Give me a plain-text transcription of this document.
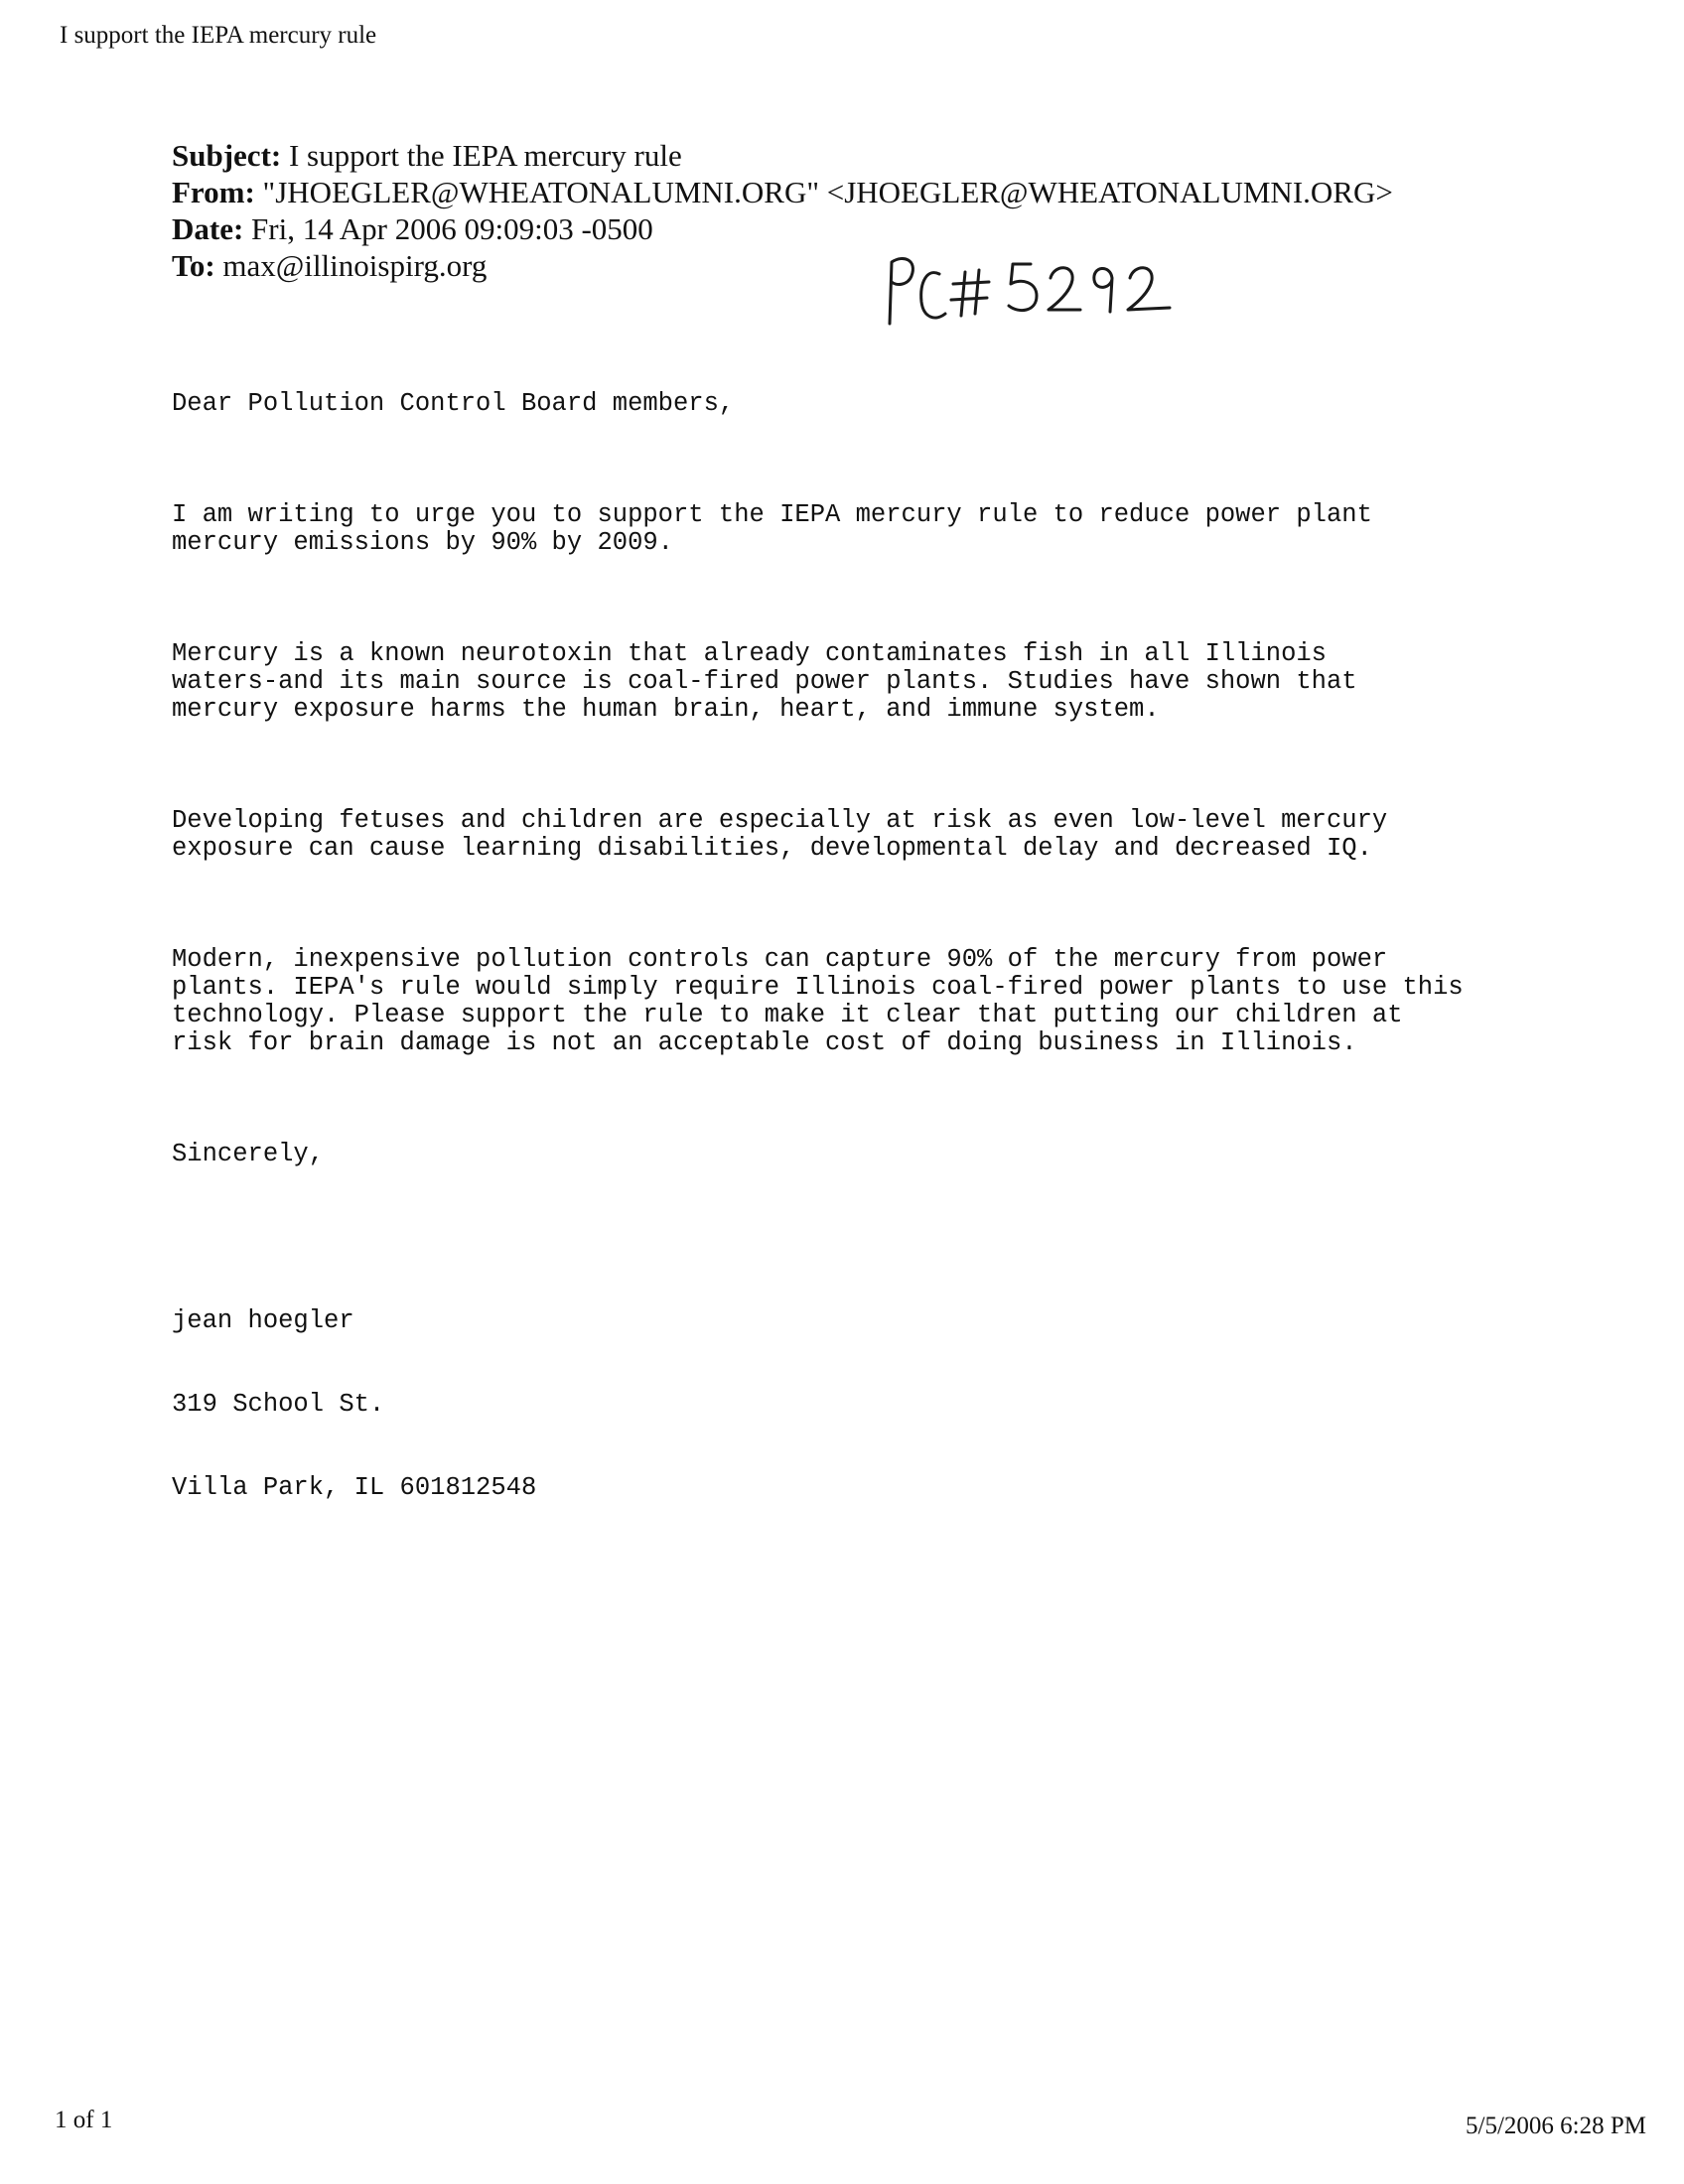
I support the IEPA mercury rule
Subject: I support the IEPA mercury rule
From: "JHOEGLER@WHEATONALUMNI.ORG" <JHOEGLER@WHEATONALUMNI.ORG>
Date: Fri, 14 Apr 2006 09:09:03 -0500
To: max@illinoispirg.org

Dear Pollution Control Board members,

I am writing to urge you to support the IEPA mercury rule to reduce power plant
mercury emissions by 90% by 2009.

Mercury is a known neurotoxin that already contaminates fish in all Illinois
waters-and its main source is coal-fired power plants. Studies have shown that
mercury exposure harms the human brain, heart, and immune system.

Developing fetuses and children are especially at risk as even low-level mercury
exposure can cause learning disabilities, developmental delay and decreased IQ.

Modern, inexpensive pollution controls can capture 90% of the mercury from power
plants. IEPA's rule would simply require Illinois coal-fired power plants to use this
technology. Please support the rule to make it clear that putting our children at
risk for brain damage is not an acceptable cost of doing business in Illinois.

Sincerely,

jean hoegler

319 School St.

Villa Park, IL 601812548

1 of 1	5/5/2006 6:28 PM
